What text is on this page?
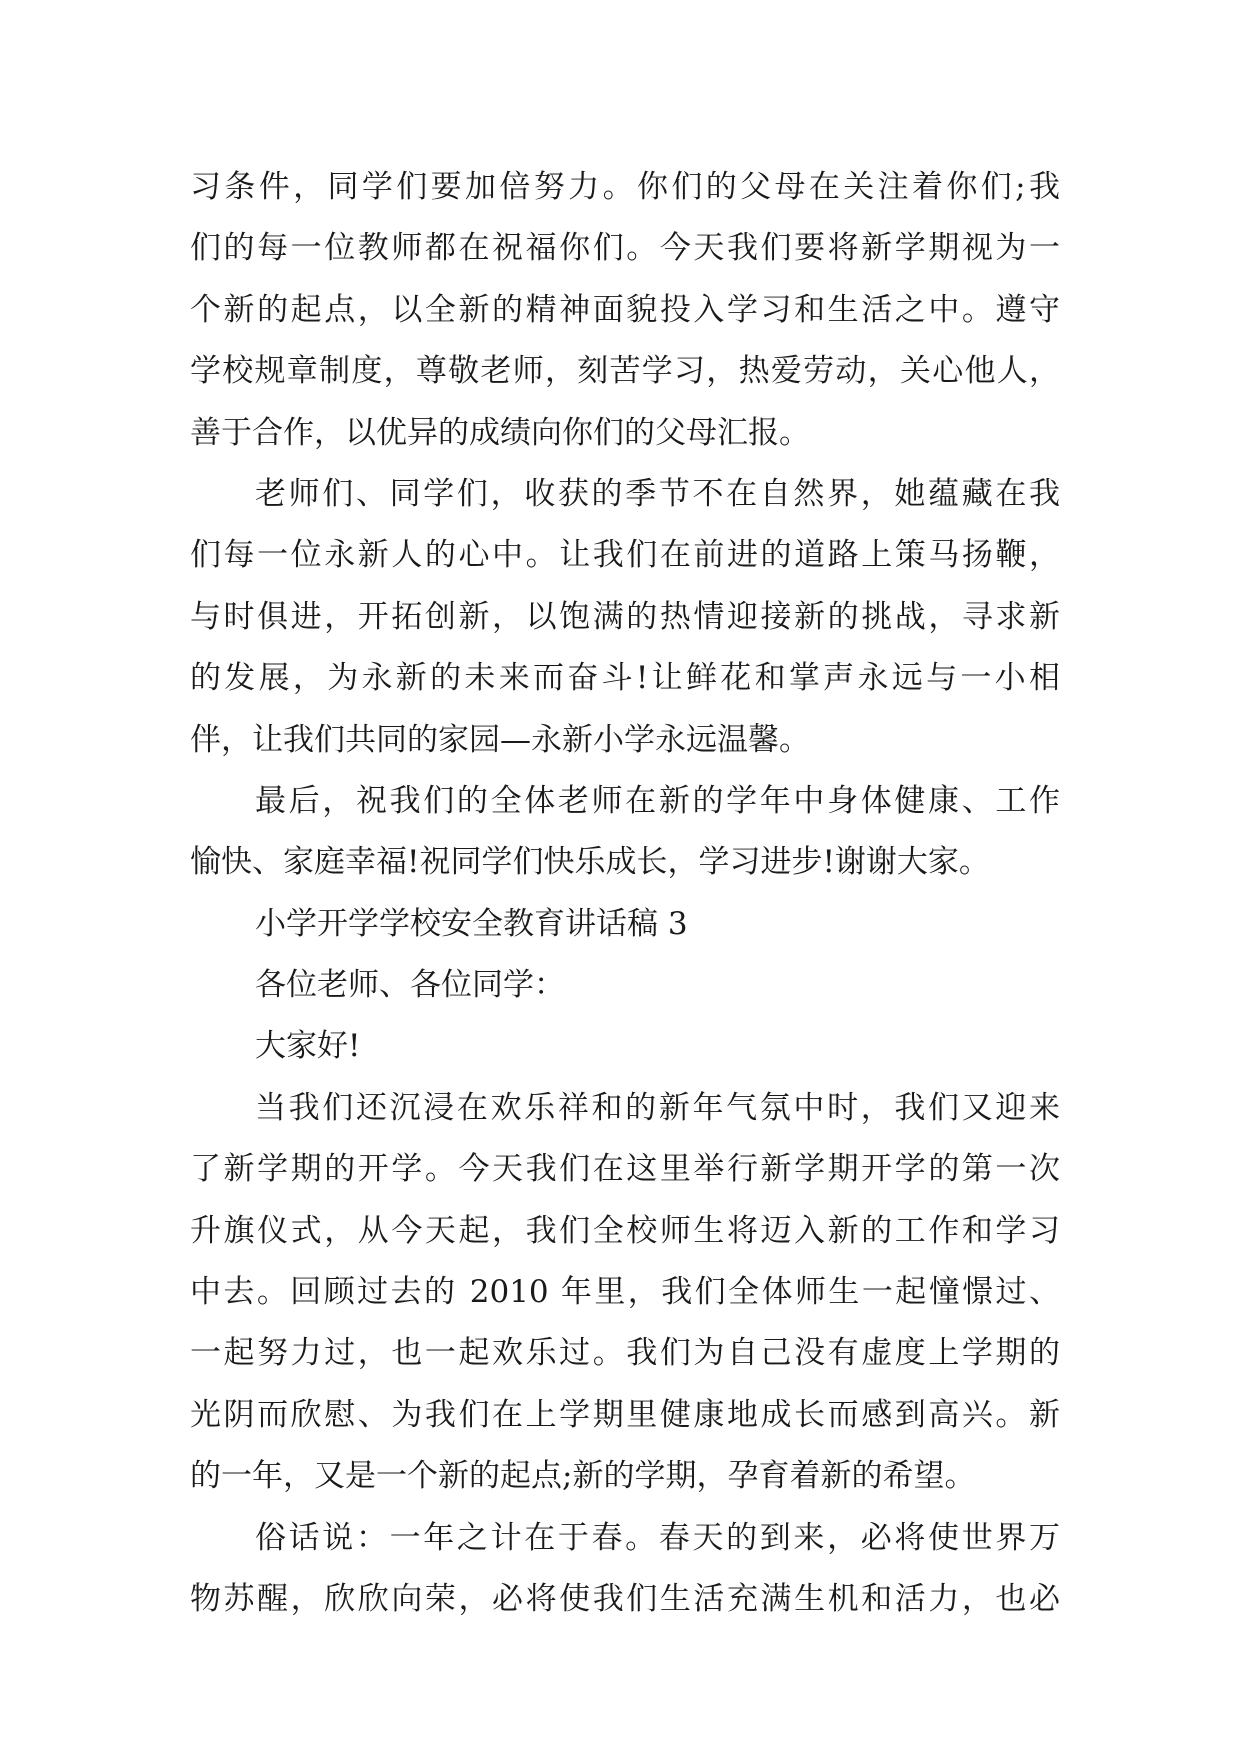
习条件，同学们要加倍努力。你们的父母在关注着你们;我
们的每一位教师都在祝福你们。今天我们要将新学期视为一
个新的起点，以全新的精神面貌投入学习和生活之中。遵守
学校规章制度，尊敬老师，刻苦学习，热爱劳动，关心他人，
善于合作，以优异的成绩向你们的父母汇报。
老师们、同学们，收获的季节不在自然界，她蕴藏在我
们每一位永新人的心中。让我们在前进的道路上策马扬鞭，
与时俱进，开拓创新，以饱满的热情迎接新的挑战，寻求新
的发展，为永新的未来而奋斗!让鲜花和掌声永远与一小相
伴，让我们共同的家园—永新小学永远温馨。
最后，祝我们的全体老师在新的学年中身体健康、工作
愉快、家庭幸福!祝同学们快乐成长，学习进步!谢谢大家。
小学开学学校安全教育讲话稿 3
各位老师、各位同学：
大家好!
当我们还沉浸在欢乐祥和的新年气氛中时，我们又迎来
了新学期的开学。今天我们在这里举行新学期开学的第一次
升旗仪式，从今天起，我们全校师生将迈入新的工作和学习
中去。回顾过去的 2010 年里，我们全体师生一起憧憬过、
一起努力过，也一起欢乐过。我们为自己没有虚度上学期的
光阴而欣慰、为我们在上学期里健康地成长而感到高兴。新
的一年，又是一个新的起点;新的学期，孕育着新的希望。
俗话说：一年之计在于春。春天的到来，必将使世界万
物苏醒，欣欣向荣，必将使我们生活充满生机和活力，也必
